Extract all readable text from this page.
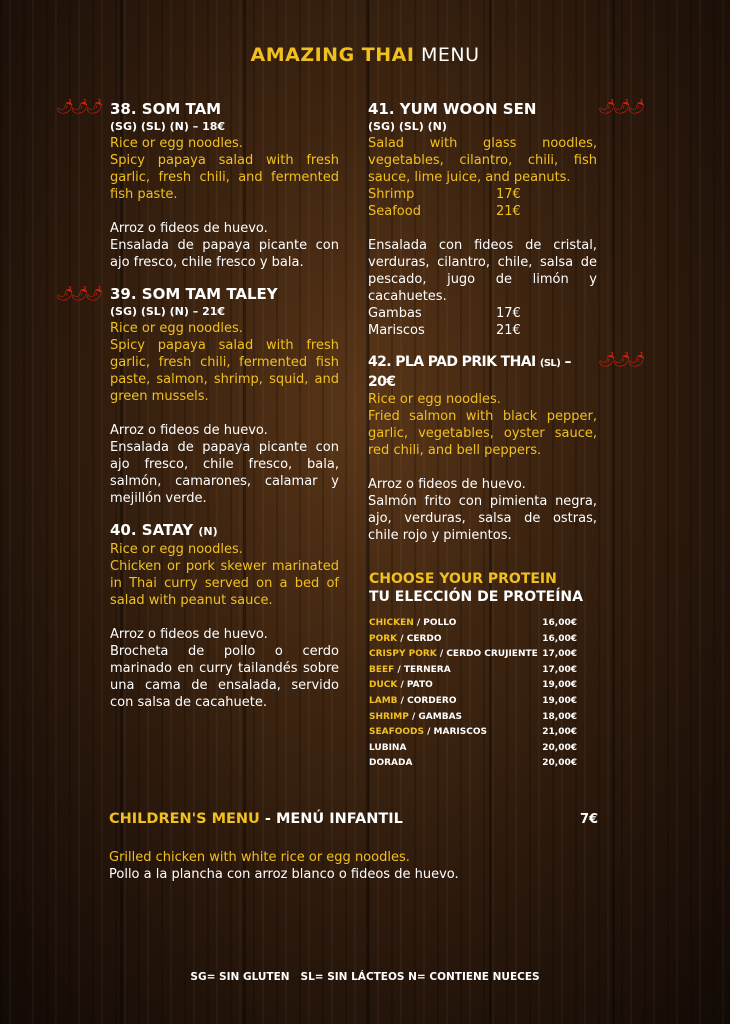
AMAZING THAI MENU
🌶🌶🌶
🌶🌶🌶
🌶🌶🌶
🌶🌶🌶

38. SOM TAM

(SG) (SL) (N) – 18€

Rice or egg noodles.

Spicy papaya salad with fresh garlic, fresh chili, and fermented fish paste.

Arroz o fideos de huevo.

Ensalada de papaya picante con ajo fresco, chile fresco y bala.

39. SOM TAM TALEY

(SG) (SL) (N) – 21€

Rice or egg noodles.

Spicy papaya salad with fresh garlic, fresh chili, fermented fish paste, salmon, shrimp, squid, and green mussels.

Arroz o fideos de huevo.

Ensalada de papaya picante con ajo fresco, chile fresco, bala, salmón, camarones, calamar y mejillón verde.

40. SATAY (N)

Rice or egg noodles.

Chicken or pork skewer marinated in Thai curry served on a bed of salad with peanut sauce.

Arroz o fideos de huevo.

Brocheta de pollo o cerdo marinado en curry tailandés sobre una cama de ensalada, servido con salsa de cacahuete.

41. YUM WOON SEN

(SG) (SL) (N)

Salad with glass noodles, vegetables, cilantro, chili, fish sauce, lime juice, and peanuts.

Shrimp	17€
Seafood	21€

Ensalada con fideos de cristal, verduras, cilantro, chile, salsa de pescado, jugo de limón y cacahuetes.

Gambas	17€
Mariscos	21€

42. PLA PAD PRIK THAI (SL) – 20€

Rice or egg noodles.

Fried salmon with black pepper, garlic, vegetables, oyster sauce, red chili, and bell peppers.

Arroz o fideos de huevo.

Salmón frito con pimienta negra, ajo, verduras, salsa de ostras, chile rojo y pimientos.

CHOOSE YOUR PROTEIN
TU ELECCIÓN DE PROTEÍNA
CHICKEN / POLLO	16,00€
PORK / CERDO	16,00€
CRISPY PORK / CERDO CRUJIENTE 17,00€
BEEF / TERNERA	17,00€
DUCK / PATO	19,00€
LAMB / CORDERO	19,00€
SHRIMP / GAMBAS	18,00€
SEAFOODS / MARISCOS	21,00€
LUBINA	20,00€
DORADA	20,00€
CHILDREN'S MENU - MENÚ INFANTIL	7€
Grilled chicken with white rice or egg noodles.
Pollo a la plancha con arroz blanco o fideos de huevo.
SG= SIN GLUTEN   SL= SIN LÁCTEOS N= CONTIENE NUECES
